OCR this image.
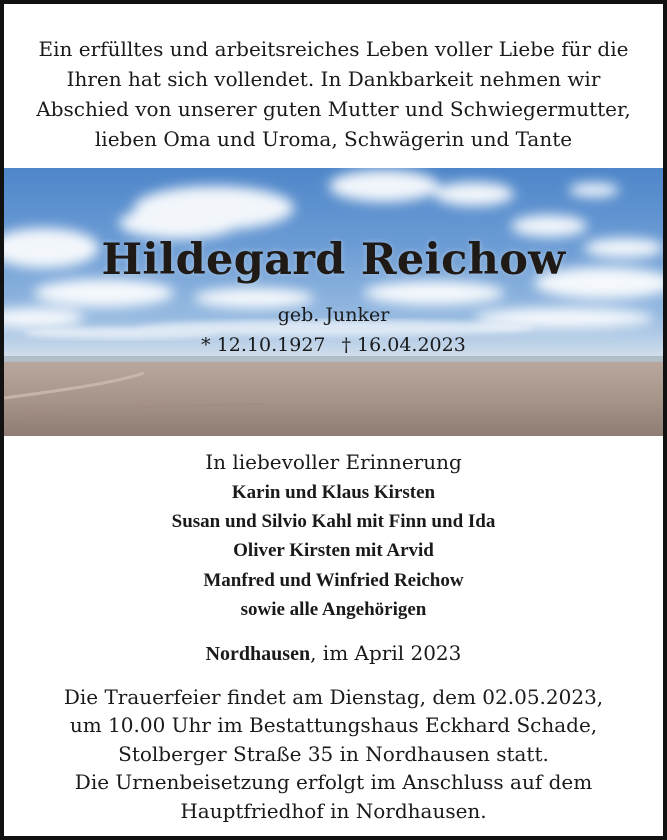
Ein erfülltes und arbeitsreiches Leben voller Liebe für die
Ihren hat sich vollendet. In Dankbarkeit nehmen wir
Abschied von unserer guten Mutter und Schwiegermutter,
lieben Oma und Uroma, Schwägerin und Tante
Hildegard Reichow
geb. Junker
* 12.10.1927 † 16.04.2023
In liebevoller Erinnerung
Karin und Klaus Kirsten
Susan und Silvio Kahl mit Finn und Ida
Oliver Kirsten mit Arvid
Manfred und Winfried Reichow
sowie alle Angehörigen
Nordhausen, im April 2023
Die Trauerfeier findet am Dienstag, dem 02.05.2023,
um 10.00 Uhr im Bestattungshaus Eckhard Schade,
Stolberger Straße 35 in Nordhausen statt.
Die Urnenbeisetzung erfolgt im Anschluss auf dem
Hauptfriedhof in Nordhausen.
